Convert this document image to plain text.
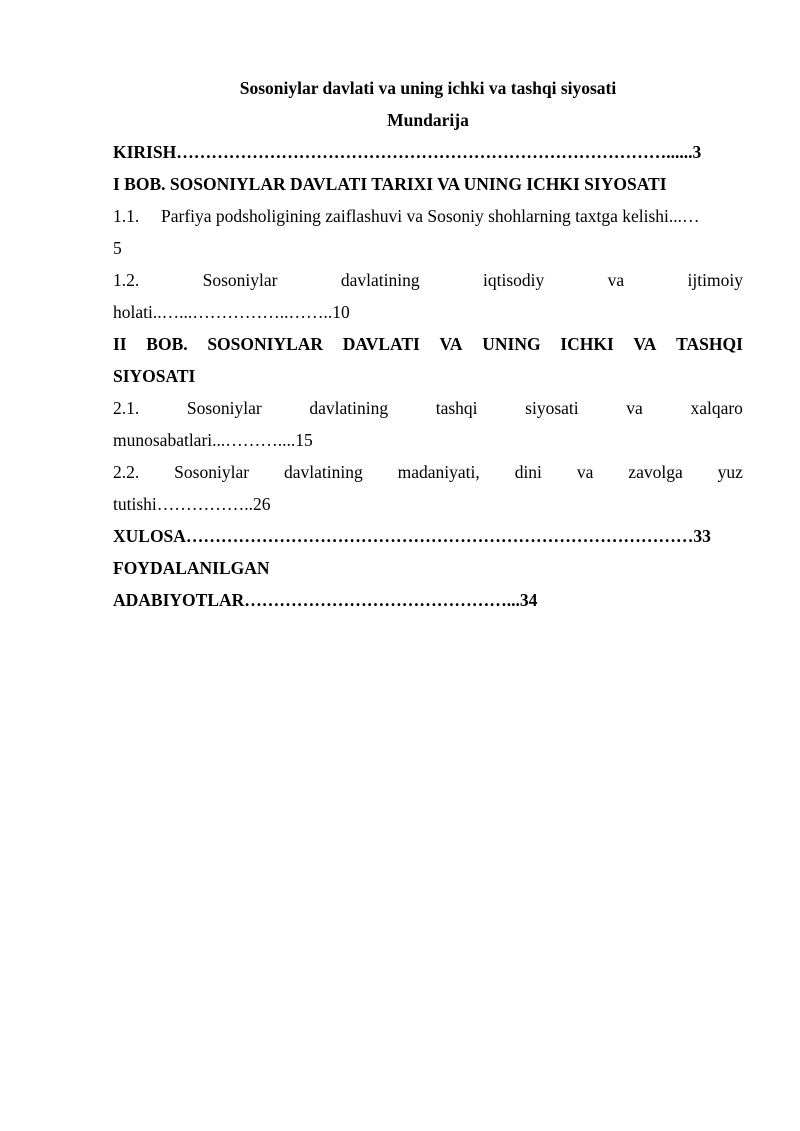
Sosoniylar davlati va uning ichki va tashqi siyosati
Mundarija
KIRISH…………………………………………………………………………......3
I BOB. SOSONIYLAR DAVLATI TARIXI VA UNING ICHKI SIYOSATI
1.1. Parfiya podsholigining zaiflashuvi va Sosoniy shohlarning taxtga kelishi...…
5
1.2.	Sosoniylar	davlatining	iqtisodiy	va	ijtimoiy
holati..…...……………..……..10
II BOB. SOSONIYLAR DAVLATI VA UNING ICHKI VA TASHQI
SIYOSATI
2.1.	Sosoniylar	davlatining	tashqi	siyosati	va	xalqaro
munosabatlari...………....15
2.2. Sosoniylar davlatining madaniyati, dini va zavolga yuz
tutishi……………..26
XULOSA……………………………………………………………………………33
FOYDALANILGAN
ADABIYOTLAR………………………………………...34
